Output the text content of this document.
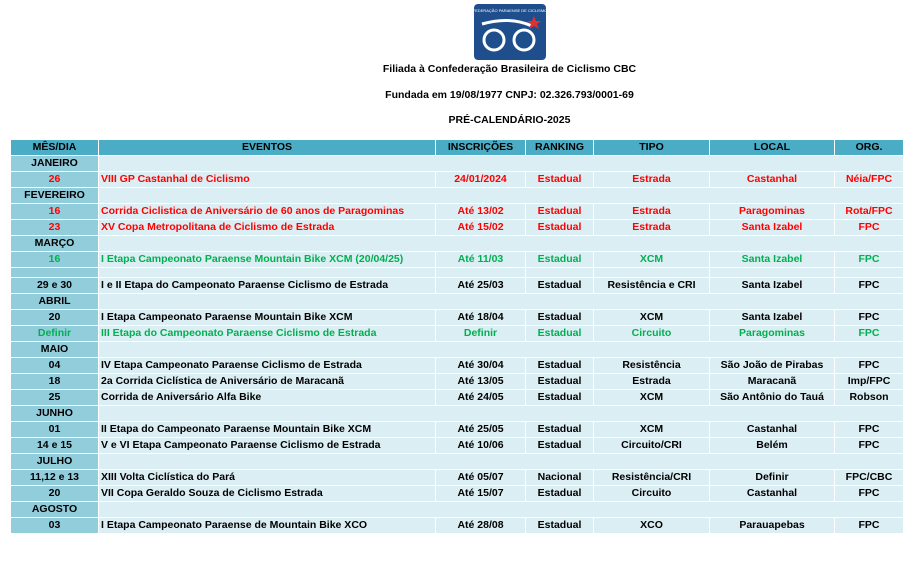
FEDERAÇÃO PARAENSE DE CICLISMO
Filiada à Confederação Brasileira de Ciclismo CBC
Fundada em 19/08/1977 CNPJ: 02.326.793/0001-69
PRÉ-CALENDÁRIO-2025
MÊS/DIA	EVENTOS	INSCRIÇÕES	RANKING	TIPO	LOCAL	ORG.
JANEIRO						
26	VIII GP Castanhal de Ciclismo	24/01/2024	Estadual	Estrada	Castanhal	Néia/FPC
FEVEREIRO						
16	Corrida Ciclistica de Aniversário de 60 anos de Paragominas	Até 13/02	Estadual	Estrada	Paragominas	Rota/FPC
23	XV Copa Metropolitana de Ciclismo de Estrada	Até 15/02	Estadual	Estrada	Santa Izabel	FPC
MARÇO						
16	I Etapa Campeonato Paraense Mountain Bike XCM (20/04/25)	Até 11/03	Estadual	XCM	Santa Izabel	FPC

29 e 30	I e II Etapa do Campeonato Paraense Ciclismo de Estrada	Até 25/03	Estadual	Resistência e CRI	Santa Izabel	FPC
ABRIL						
20	I Etapa Campeonato Paraense Mountain Bike XCM	Até 18/04	Estadual	XCM	Santa Izabel	FPC
Definir	III Etapa do Campeonato Paraense Ciclismo de Estrada	Definir	Estadual	Circuito	Paragominas	FPC
MAIO						
04	IV Etapa Campeonato Paraense Ciclismo de Estrada	Até 30/04	Estadual	Resistência	São João de Pirabas	FPC
18	2a Corrida Ciclística de Aniversário de Maracanã	Até 13/05	Estadual	Estrada	Maracanã	Imp/FPC
25	Corrida de Aniversário Alfa Bike	Até 24/05	Estadual	XCM	São Antônio do Tauá	Robson
JUNHO						
01	II Etapa do Campeonato Paraense Mountain Bike XCM	Até 25/05	Estadual	XCM	Castanhal	FPC
14 e 15	V e VI Etapa Campeonato Paraense Ciclismo de Estrada	Até 10/06	Estadual	Circuito/CRI	Belém	FPC
JULHO						
11,12 e 13	XIII Volta Ciclística do Pará	Até 05/07	Nacional	Resistência/CRI	Definir	FPC/CBC
20	VII Copa Geraldo Souza de Ciclismo Estrada	Até 15/07	Estadual	Circuito	Castanhal	FPC
AGOSTO						
03	I Etapa Campeonato Paraense de Mountain Bike XCO	Até 28/08	Estadual	XCO	Parauapebas	FPC
